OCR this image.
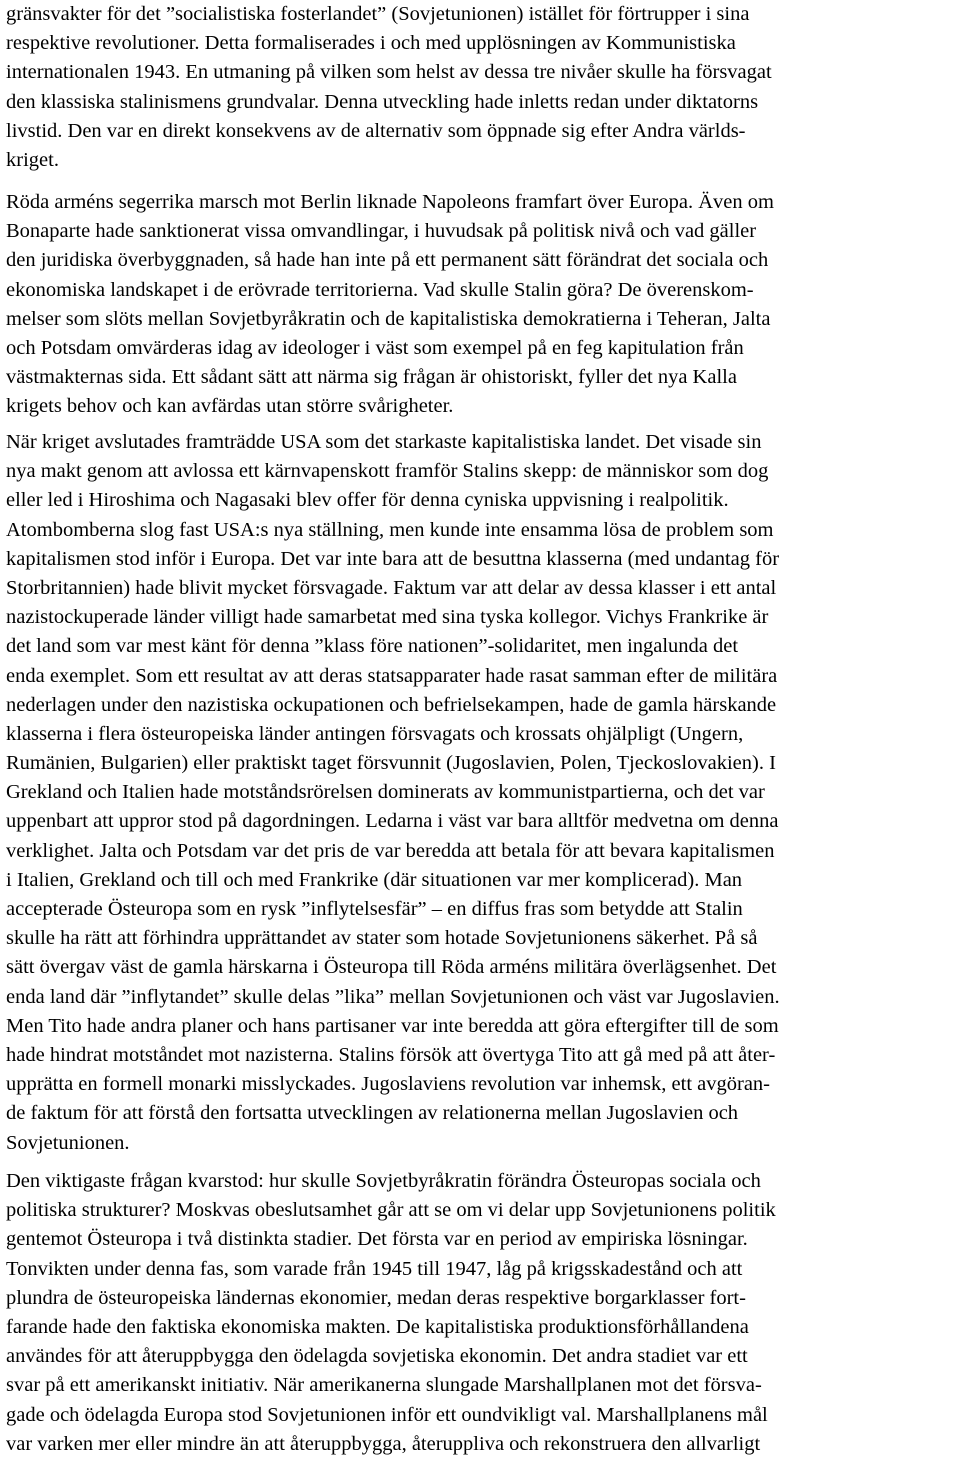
gränsvakter för det ”socialistiska fosterlandet” (Sovjetunionen) istället för förtrupper i sina
respektive revolutioner. Detta formaliserades i och med upplösningen av Kommunistiska
internationalen 1943. En utmaning på vilken som helst av dessa tre nivåer skulle ha försvagat
den klassiska stalinismens grundvalar. Denna utveckling hade inletts redan under diktatorns
livstid. Den var en direkt konsekvens av de alternativ som öppnade sig efter Andra världs-
kriget.

Röda arméns segerrika marsch mot Berlin liknade Napoleons framfart över Europa. Även om
Bonaparte hade sanktionerat vissa omvandlingar, i huvudsak på politisk nivå och vad gäller
den juridiska överbyggnaden, så hade han inte på ett permanent sätt förändrat det sociala och
ekonomiska landskapet i de erövrade territorierna. Vad skulle Stalin göra? De överenskom-
melser som slöts mellan Sovjetbyråkratin och de kapitalistiska demokratierna i Teheran, Jalta
och Potsdam omvärderas idag av ideologer i väst som exempel på en feg kapitulation från
västmakternas sida. Ett sådant sätt att närma sig frågan är ohistoriskt, fyller det nya Kalla
krigets behov och kan avfärdas utan större svårigheter.

När kriget avslutades framträdde USA som det starkaste kapitalistiska landet. Det visade sin
nya makt genom att avlossa ett kärnvapenskott framför Stalins skepp: de människor som dog
eller led i Hiroshima och Nagasaki blev offer för denna cyniska uppvisning i realpolitik.
Atombomberna slog fast USA:s nya ställning, men kunde inte ensamma lösa de problem som
kapitalismen stod inför i Europa. Det var inte bara att de besuttna klasserna (med undantag för
Storbritannien) hade blivit mycket försvagade. Faktum var att delar av dessa klasser i ett antal
nazistockuperade länder villigt hade samarbetat med sina tyska kollegor. Vichys Frankrike är
det land som var mest känt för denna ”klass före nationen”-solidaritet, men ingalunda det
enda exemplet. Som ett resultat av att deras statsapparater hade rasat samman efter de militära
nederlagen under den nazistiska ockupationen och befrielsekampen, hade de gamla härskande
klasserna i flera östeuropeiska länder antingen försvagats och krossats ohjälpligt (Ungern,
Rumänien, Bulgarien) eller praktiskt taget försvunnit (Jugoslavien, Polen, Tjeckoslovakien). I
Grekland och Italien hade motståndsrörelsen dominerats av kommunistpartierna, och det var
uppenbart att uppror stod på dagordningen. Ledarna i väst var bara alltför medvetna om denna
verklighet. Jalta och Potsdam var det pris de var beredda att betala för att bevara kapitalismen
i Italien, Grekland och till och med Frankrike (där situationen var mer komplicerad). Man
accepterade Östeuropa som en rysk ”inflytelsesfär” – en diffus fras som betydde att Stalin
skulle ha rätt att förhindra upprättandet av stater som hotade Sovjetunionens säkerhet. På så
sätt övergav väst de gamla härskarna i Östeuropa till Röda arméns militära överlägsenhet. Det
enda land där ”inflytandet” skulle delas ”lika” mellan Sovjetunionen och väst var Jugoslavien.
Men Tito hade andra planer och hans partisaner var inte beredda att göra eftergifter till de som
hade hindrat motståndet mot nazisterna. Stalins försök att övertyga Tito att gå med på att åter-
upprätta en formell monarki misslyckades. Jugoslaviens revolution var inhemsk, ett avgöran-
de faktum för att förstå den fortsatta utvecklingen av relationerna mellan Jugoslavien och
Sovjetunionen.

Den viktigaste frågan kvarstod: hur skulle Sovjetbyråkratin förändra Östeuropas sociala och
politiska strukturer? Moskvas obeslutsamhet går att se om vi delar upp Sovjetunionens politik
gentemot Östeuropa i två distinkta stadier. Det första var en period av empiriska lösningar.
Tonvikten under denna fas, som varade från 1945 till 1947, låg på krigsskadestånd och att
plundra de östeuropeiska ländernas ekonomier, medan deras respektive borgarklasser fort-
farande hade den faktiska ekonomiska makten. De kapitalistiska produktionsförhållandena
användes för att återuppbygga den ödelagda sovjetiska ekonomin. Det andra stadiet var ett
svar på ett amerikanskt initiativ. När amerikanerna slungade Marshallplanen mot det försva-
gade och ödelagda Europa stod Sovjetunionen inför ett oundvikligt val. Marshallplanens mål
var varken mer eller mindre än att återuppbygga, återuppliva och rekonstruera den allvarligt
